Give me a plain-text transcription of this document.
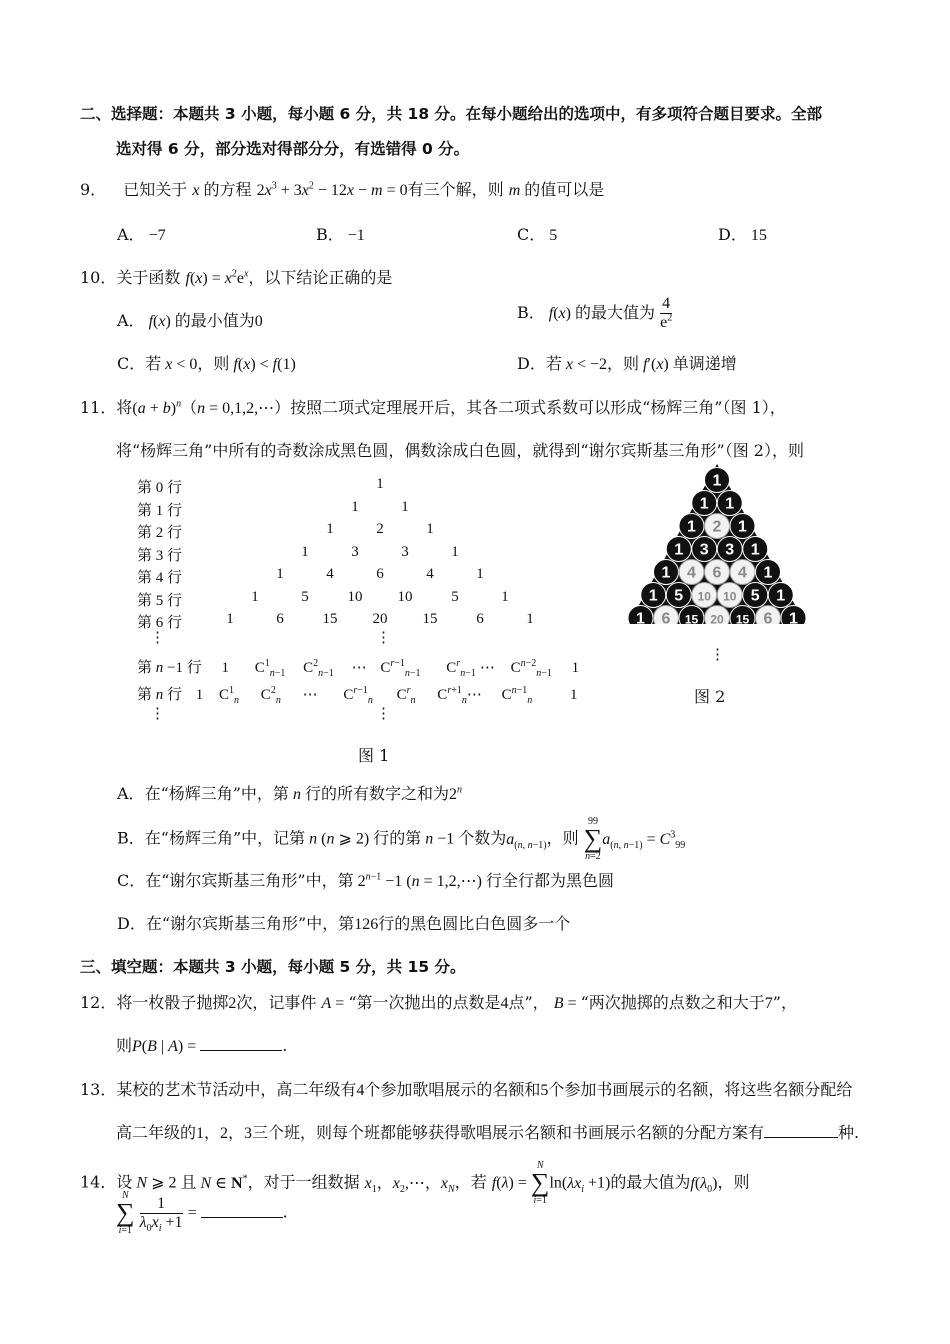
二、选择题：本题共 3 小题，每小题 6 分，共 18 分。在每小题给出的选项中，有多项符合题目要求。全部
选对得 6 分，部分选对得部分分，有选错得 0 分。
9． 已知关于 x 的方程 $2x^3 + 3x^2 - 12x - m = 0$有三个解，则 m 的值可以是
A． −7	B． −1	C． 5	D． 15
10．关于函数 $f(x) = x^2e^x$，以下结论正确的是
A． f(x) 的最小值为0	B． f(x) 的最大值为 $\frac{4}{e^2}$
C．若 x < 0，则 f(x) < f(1)	D．若 x < −2，则 f′(x) 单调递增
11．将$(a + b)^n(n$ = 0,1,2,⋯）按照二项式定理展开后，其各二项式系数可以形成“杨辉三角”（图 1），
将“杨辉三角”中所有的奇数涂成黑色圆，偶数涂成白色圆，就得到“谢尔宾斯基三角形”（图 2），则
第 0 行	1
第 1 行	1	1
第 2 行	1	2	1
第 3 行	1	3	3	1
第 4 行	1	4	6	4	1
第 5 行	1	5	10 10	5	1
第 6 行	1	6	15 20 15	6	1
⋮	⋮
第 n −1 行 1 $C^1_{n-1}$ $C^2_{n-1}$ ⋯ $C^{r-1}_{n-1}$ $C^r_{n-1}$ ⋯ $C^{n-2}_{n-1}$ 1
第 n 行 1 $C^1_n$ $C^2_n$ ⋯ $C^{r-1}_n$ $C^r_n$ $C^{r+1}_n\cdots$ $C^{n-1}_n$	1
⋮	⋮
图 1
1
1 1
1 2 1
1 3 3 1
1 4 6 4 1
1 5 10 10 5 1
1 6 15 20 15 6 1
⋮
图 2
A．在“杨辉三角”中，第 n 行的所有数字之和为2$^n$
B．在“杨辉三角”中，记第 n (n ⩾ 2) 行的第 n −1 个数为$a_{(n, n-1)}$，则 99
∑
$n=2a_{(n, n-1)} = C^3_{99}$
C．在“谢尔宾斯基三角形”中，第 $2^{n-1} -1$ (n = 1,2,⋯) 行全行都为黑色圆
D．在“谢尔宾斯基三角形”中，第126行的黑色圆比白色圆多一个
三、填空题：本题共 3 小题，每小题 5 分，共 15 分。
12．将一枚骰子抛掷2次，记事件 A = “第一次抛出的点数是4点”， B = “两次抛掷的点数之和大于7”，
则P(B | A) =	.
13．某校的艺术节活动中，高二年级有4个参加歌唱展示的名额和5个参加书画展示的名额，将这些名额分配给
高二年级的1，2，3三个班，则每个班都能够获得歌唱展示名额和书画展示名额的分配方案有	种.
14．设 N ⩾ 2 且 N ∈ N*，对于一组数据 $x_1$，$x_2,\cdots$，$x_N$，若 f(λ) = N
∑
$i=1\ln(\lambda x_i +1)$的最大值为$f(\lambda_0)$，则
N
∑
$i=1 \frac{1}{\lambda_0x_i +1}$ =	.
